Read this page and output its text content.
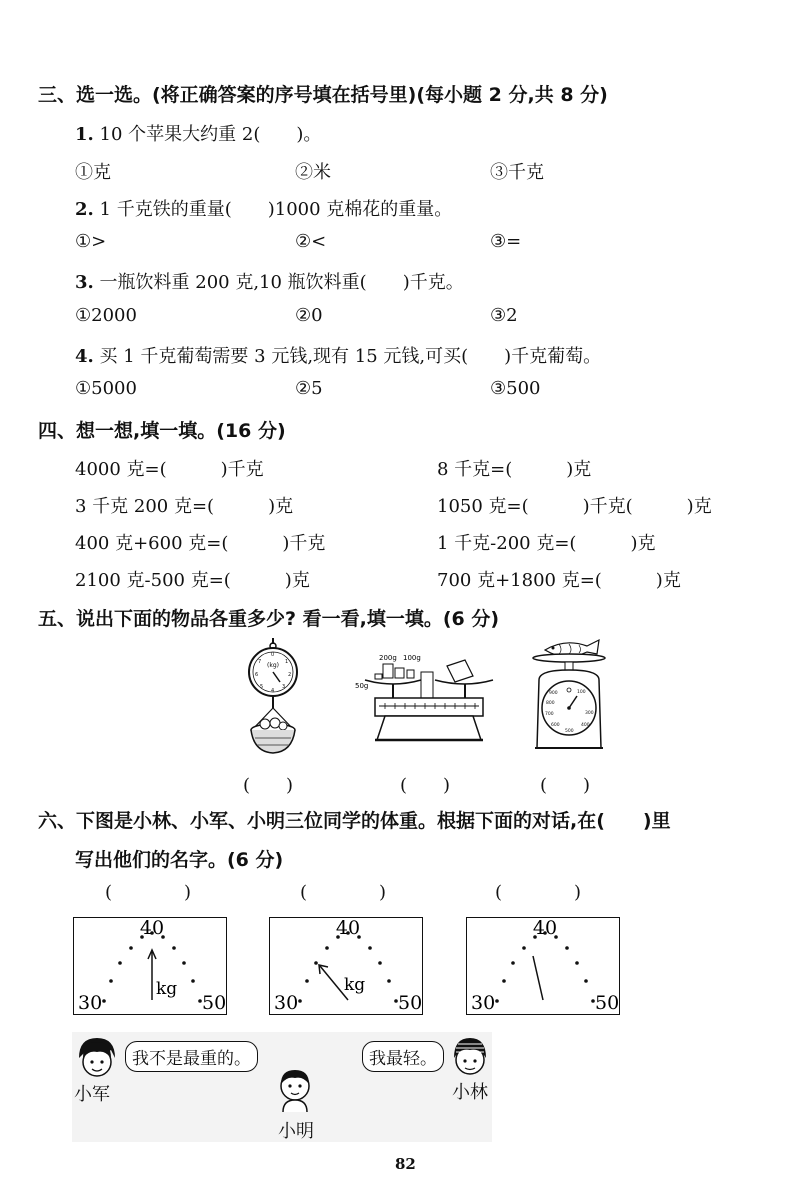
三、选一选。(将正确答案的序号填在括号里)(每小题 2 分,共 8 分)
1. 10 个苹果大约重 2(　　)。
①克	②米	③千克
2. 1 千克铁的重量(　　)1000 克棉花的重量。
①>	②<	③=
3. 一瓶饮料重 200 克,10 瓶饮料重(　　)千克。
①2000	②0	③2
4. 买 1 千克葡萄需要 3 元钱,现有 15 元钱,可买(　　)千克葡萄。
①5000	②5	③500
四、想一想,填一填。(16 分)
4000 克=(　　　)千克	8 千克=(　　　)克
3 千克 200 克=(　　　)克	1050 克=(　　　)千克(　　　)克
400 克+600 克=(　　　)千克	1 千克-200 克=(　　　)克
2100 克-500 克=(　　　)克	700 克+1800 克=(　　　)克
五、说出下面的物品各重多少? 看一看,填一填。(6 分)
(kg)
0
1
2
3
4
5
6
7	200g 100g
50g
900
800
700
600
500
400
300
100
(　　)	(　　)	(　　)
六、下图是小林、小军、小明三位同学的体重。根据下面的对话,在(　　)里
写出他们的名字。(6 分)
(　　　　)	(　　　　)	(　　　　)
40
30	50
kg
40
30	50
kg
40
30	50
我不是最重的。
小军
小明
我最轻。
小林
82
